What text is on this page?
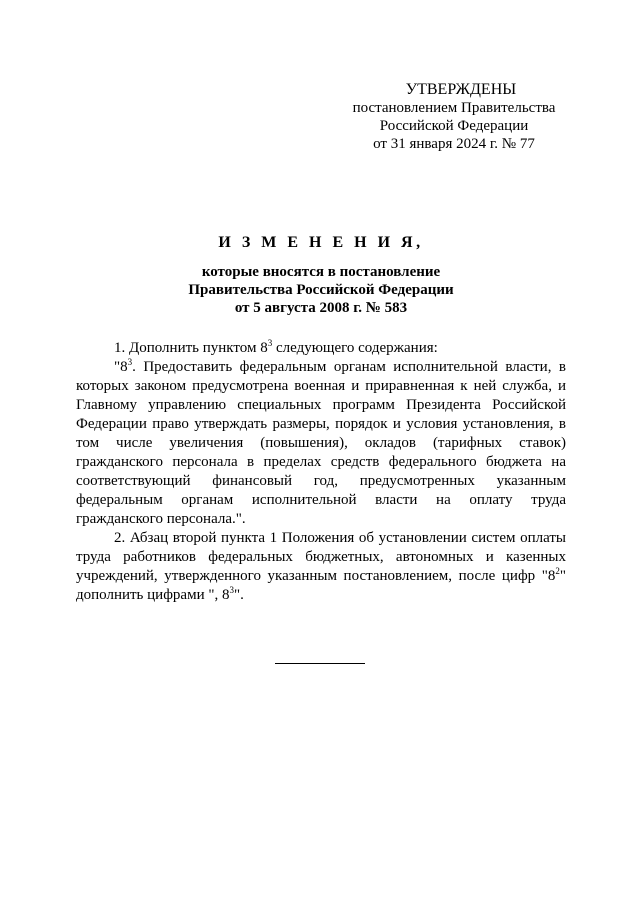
УТВЕРЖДЕНЫ
постановлением Правительства
Российской Федерации
от 31 января 2024 г. № 77
И З М Е Н Е Н И Я,
которые вносятся в постановление
Правительства Российской Федерации
от 5 августа 2008 г. № 583

1. Дополнить пунктом $8^3$ следующего содержания:

"$8^3$. Предоставить федеральным органам исполнительной власти, в которых законом предусмотрена военная и приравненная к ней служба, и Главному управлению специальных программ Президента Российской Федерации право утверждать размеры, порядок и условия установления, в том числе увеличения (повышения), окладов (тарифных ставок) гражданского персонала в пределах средств федерального бюджета на соответствующий финансовый год, предусмотренных указанным федеральным органам исполнительной власти на оплату труда гражданского персонала.".

2. Абзац второй пункта 1 Положения об установлении систем оплаты труда работников федеральных бюджетных, автономных и казенных учреждений, утвержденного указанным постановлением, после цифр "$8^2$" дополнить цифрами ", $8^3$".
